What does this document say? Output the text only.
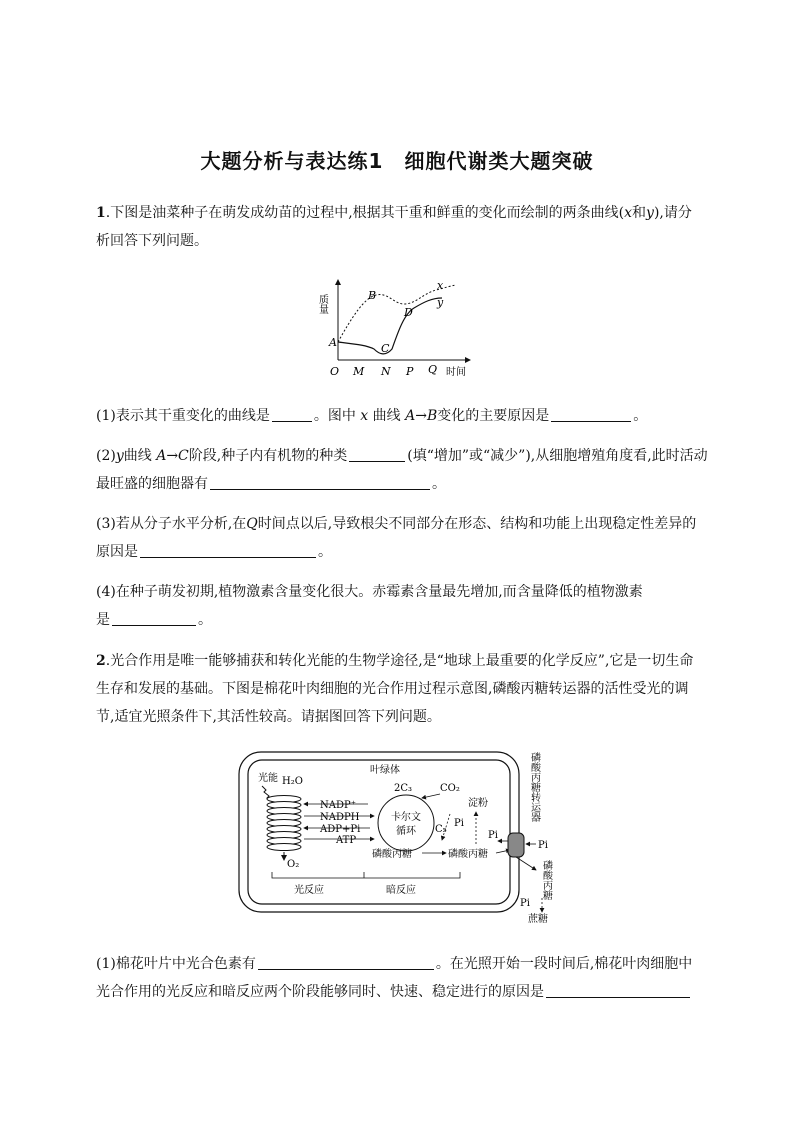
大题分析与表达练1　细胞代谢类大题突破
1.下图是油菜种子在萌发成幼苗的过程中,根据其干重和鲜重的变化而绘制的两条曲线(x和y),请分
析回答下列问题。
质量
x
y
A
B
C
D
O M N P Q 时间
(1)表示其干重变化的曲线是	。图中 x 曲线 A→B变化的主要原因是	。
(2)y曲线 A→C阶段,种子内有机物的种类	(填“增加”或“减少”),从细胞增殖角度看,此时活动
最旺盛的细胞器有	。
(3)若从分子水平分析,在Q时间点以后,导致根尖不同部分在形态、结构和功能上出现稳定性差异的
原因是	。
(4)在种子萌发初期,植物激素含量变化很大。赤霉素含量最先增加,而含量降低的植物激素
是	。
2.光合作用是唯一能够捕获和转化光能的生物学途径,是“地球上最重要的化学反应”,它是一切生命
生存和发展的基础。下图是棉花叶肉细胞的光合作用过程示意图,磷酸丙糖转运器的活性受光的调
节,适宜光照条件下,其活性较高。请据图回答下列问题。
叶绿体
光能 H₂O
O₂
NADP⁺
NADPH
ADP+Pi
ATP
卡尔文
循环
2C₃	CO₂
C₅
淀粉
Pi
磷酸丙糖	磷酸丙糖
Pi
Pi
磷酸丙糖转运器
磷酸丙糖
Pi
蔗糖
光反应	暗反应
(1)棉花叶片中光合色素有	。在光照开始一段时间后,棉花叶肉细胞中
光合作用的光反应和暗反应两个阶段能够同时、快速、稳定进行的原因是
